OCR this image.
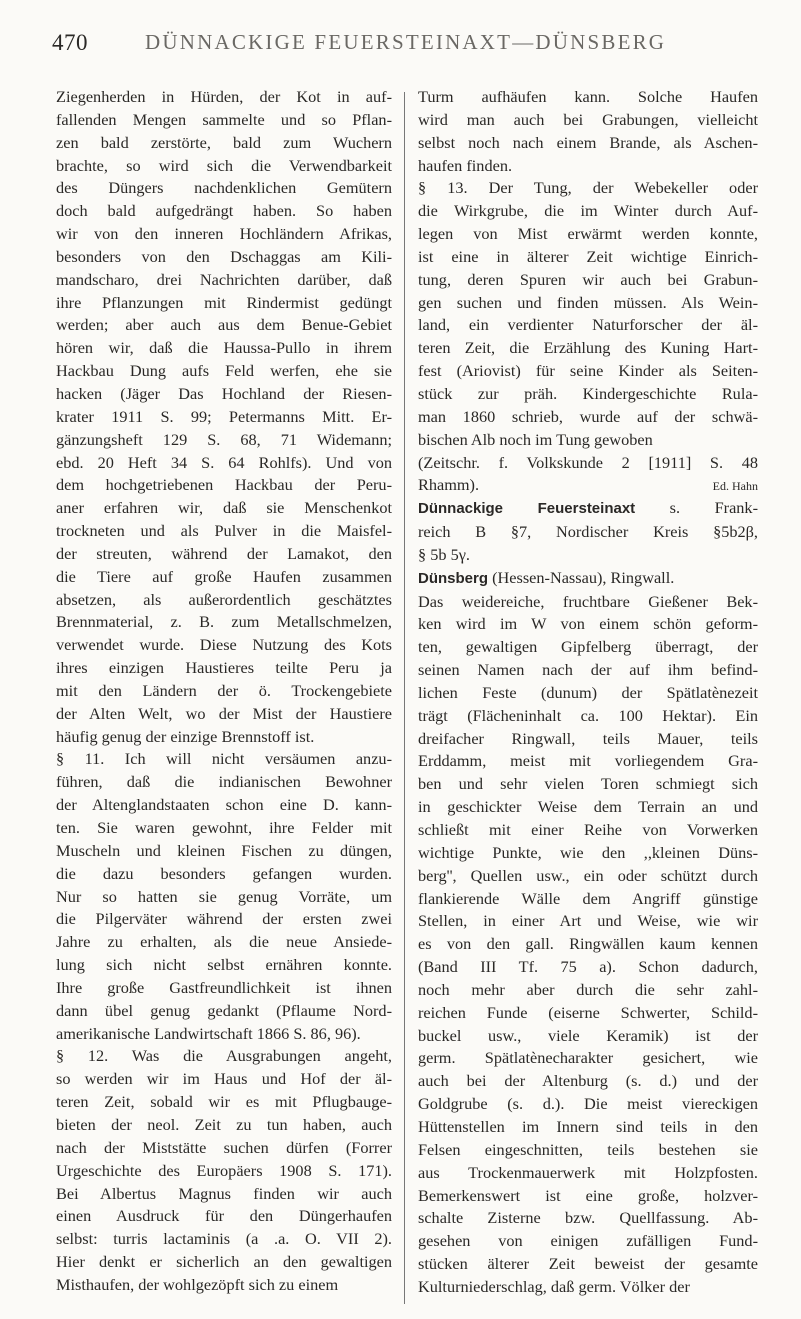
470	DÜNNACKIGE FEUERSTEINAXT—DÜNSBERG
Ziegenherden in Hürden, der Kot in auf-
fallenden Mengen sammelte und so Pflan-
zen bald zerstörte, bald zum Wuchern
brachte, so wird sich die Verwendbarkeit
des Düngers nachdenklichen Gemütern
doch bald aufgedrängt haben. So haben
wir von den inneren Hochländern Afrikas,
besonders von den Dschaggas am Kili-
mandscharo, drei Nachrichten darüber, daß
ihre Pflanzungen mit Rindermist gedüngt
werden; aber auch aus dem Benue-Gebiet
hören wir, daß die Haussa-Pullo in ihrem
Hackbau Dung aufs Feld werfen, ehe sie
hacken (Jäger Das Hochland der Riesen-
krater 1911 S. 99; Petermanns Mitt. Er-
gänzungsheft 129 S. 68, 71 Widemann;
ebd. 20 Heft 34 S. 64 Rohlfs). Und von
dem hochgetriebenen Hackbau der Peru-
aner erfahren wir, daß sie Menschenkot
trockneten und als Pulver in die Maisfel-
der streuten, während der Lamakot, den
die Tiere auf große Haufen zusammen
absetzen, als außerordentlich geschätztes
Brennmaterial, z. B. zum Metallschmelzen,
verwendet wurde. Diese Nutzung des Kots
ihres einzigen Haustieres teilte Peru ja
mit den Ländern der ö. Trockengebiete
der Alten Welt, wo der Mist der Haustiere
häufig genug der einzige Brennstoff ist.
§ 11. Ich will nicht versäumen anzu-
führen, daß die indianischen Bewohner
der Altenglandstaaten schon eine D. kann-
ten. Sie waren gewohnt, ihre Felder mit
Muscheln und kleinen Fischen zu düngen,
die dazu besonders gefangen wurden.
Nur so hatten sie genug Vorräte, um
die Pilgerväter während der ersten zwei
Jahre zu erhalten, als die neue Ansiede-
lung sich nicht selbst ernähren konnte.
Ihre große Gastfreundlichkeit ist ihnen
dann übel genug gedankt (Pflaume Nord-
amerikanische Landwirtschaft 1866 S. 86, 96).
§ 12. Was die Ausgrabungen angeht,
so werden wir im Haus und Hof der äl-
teren Zeit, sobald wir es mit Pflugbauge-
bieten der neol. Zeit zu tun haben, auch
nach der Miststätte suchen dürfen (Forrer
Urgeschichte des Europäers 1908 S. 171).
Bei Albertus Magnus finden wir auch
einen Ausdruck für den Düngerhaufen
selbst: turris lactaminis (a .a. O. VII 2).
Hier denkt er sicherlich an den gewaltigen
Misthaufen, der wohlgezöpft sich zu einem
Turm aufhäufen kann. Solche Haufen
wird man auch bei Grabungen, vielleicht
selbst noch nach einem Brande, als Aschen-
haufen finden.
§ 13. Der Tung, der Webekeller oder
die Wirkgrube, die im Winter durch Auf-
legen von Mist erwärmt werden konnte,
ist eine in älterer Zeit wichtige Einrich-
tung, deren Spuren wir auch bei Grabun-
gen suchen und finden müssen. Als Wein-
land, ein verdienter Naturforscher der äl-
teren Zeit, die Erzählung des Kuning Hart-
fest (Ariovist) für seine Kinder als Seiten-
stück zur präh. Kindergeschichte Rula-
man 1860 schrieb, wurde auf der schwä-
bischen Alb noch im Tung gewoben
(Zeitschr. f. Volkskunde 2 [1911] S. 48
Rhamm).	Ed. Hahn
Dünnackige Feuersteinaxt s. Frank-
reich B §7, Nordischer Kreis §5b2β,
§ 5b 5γ.
Dünsberg (Hessen-Nassau), Ringwall.
Das weidereiche, fruchtbare Gießener Bek-
ken wird im W von einem schön geform-
ten, gewaltigen Gipfelberg überragt, der
seinen Namen nach der auf ihm befind-
lichen Feste (dunum) der Spätlatènezeit
trägt (Flächeninhalt ca. 100 Hektar). Ein
dreifacher Ringwall, teils Mauer, teils
Erddamm, meist mit vorliegendem Gra-
ben und sehr vielen Toren schmiegt sich
in geschickter Weise dem Terrain an und
schließt mit einer Reihe von Vorwerken
wichtige Punkte, wie den ,,kleinen Düns-
berg'', Quellen usw., ein oder schützt durch
flankierende Wälle dem Angriff günstige
Stellen, in einer Art und Weise, wie wir
es von den gall. Ringwällen kaum kennen
(Band III Tf. 75 a). Schon dadurch,
noch mehr aber durch die sehr zahl-
reichen Funde (eiserne Schwerter, Schild-
buckel usw., viele Keramik) ist der
germ. Spätlatènecharakter gesichert, wie
auch bei der Altenburg (s. d.) und der
Goldgrube (s. d.). Die meist viereckigen
Hüttenstellen im Innern sind teils in den
Felsen eingeschnitten, teils bestehen sie
aus Trockenmauerwerk mit Holzpfosten.
Bemerkenswert ist eine große, holzver-
schalte Zisterne bzw. Quellfassung. Ab-
gesehen von einigen zufälligen Fund-
stücken älterer Zeit beweist der gesamte
Kulturniederschlag, daß germ. Völker der
